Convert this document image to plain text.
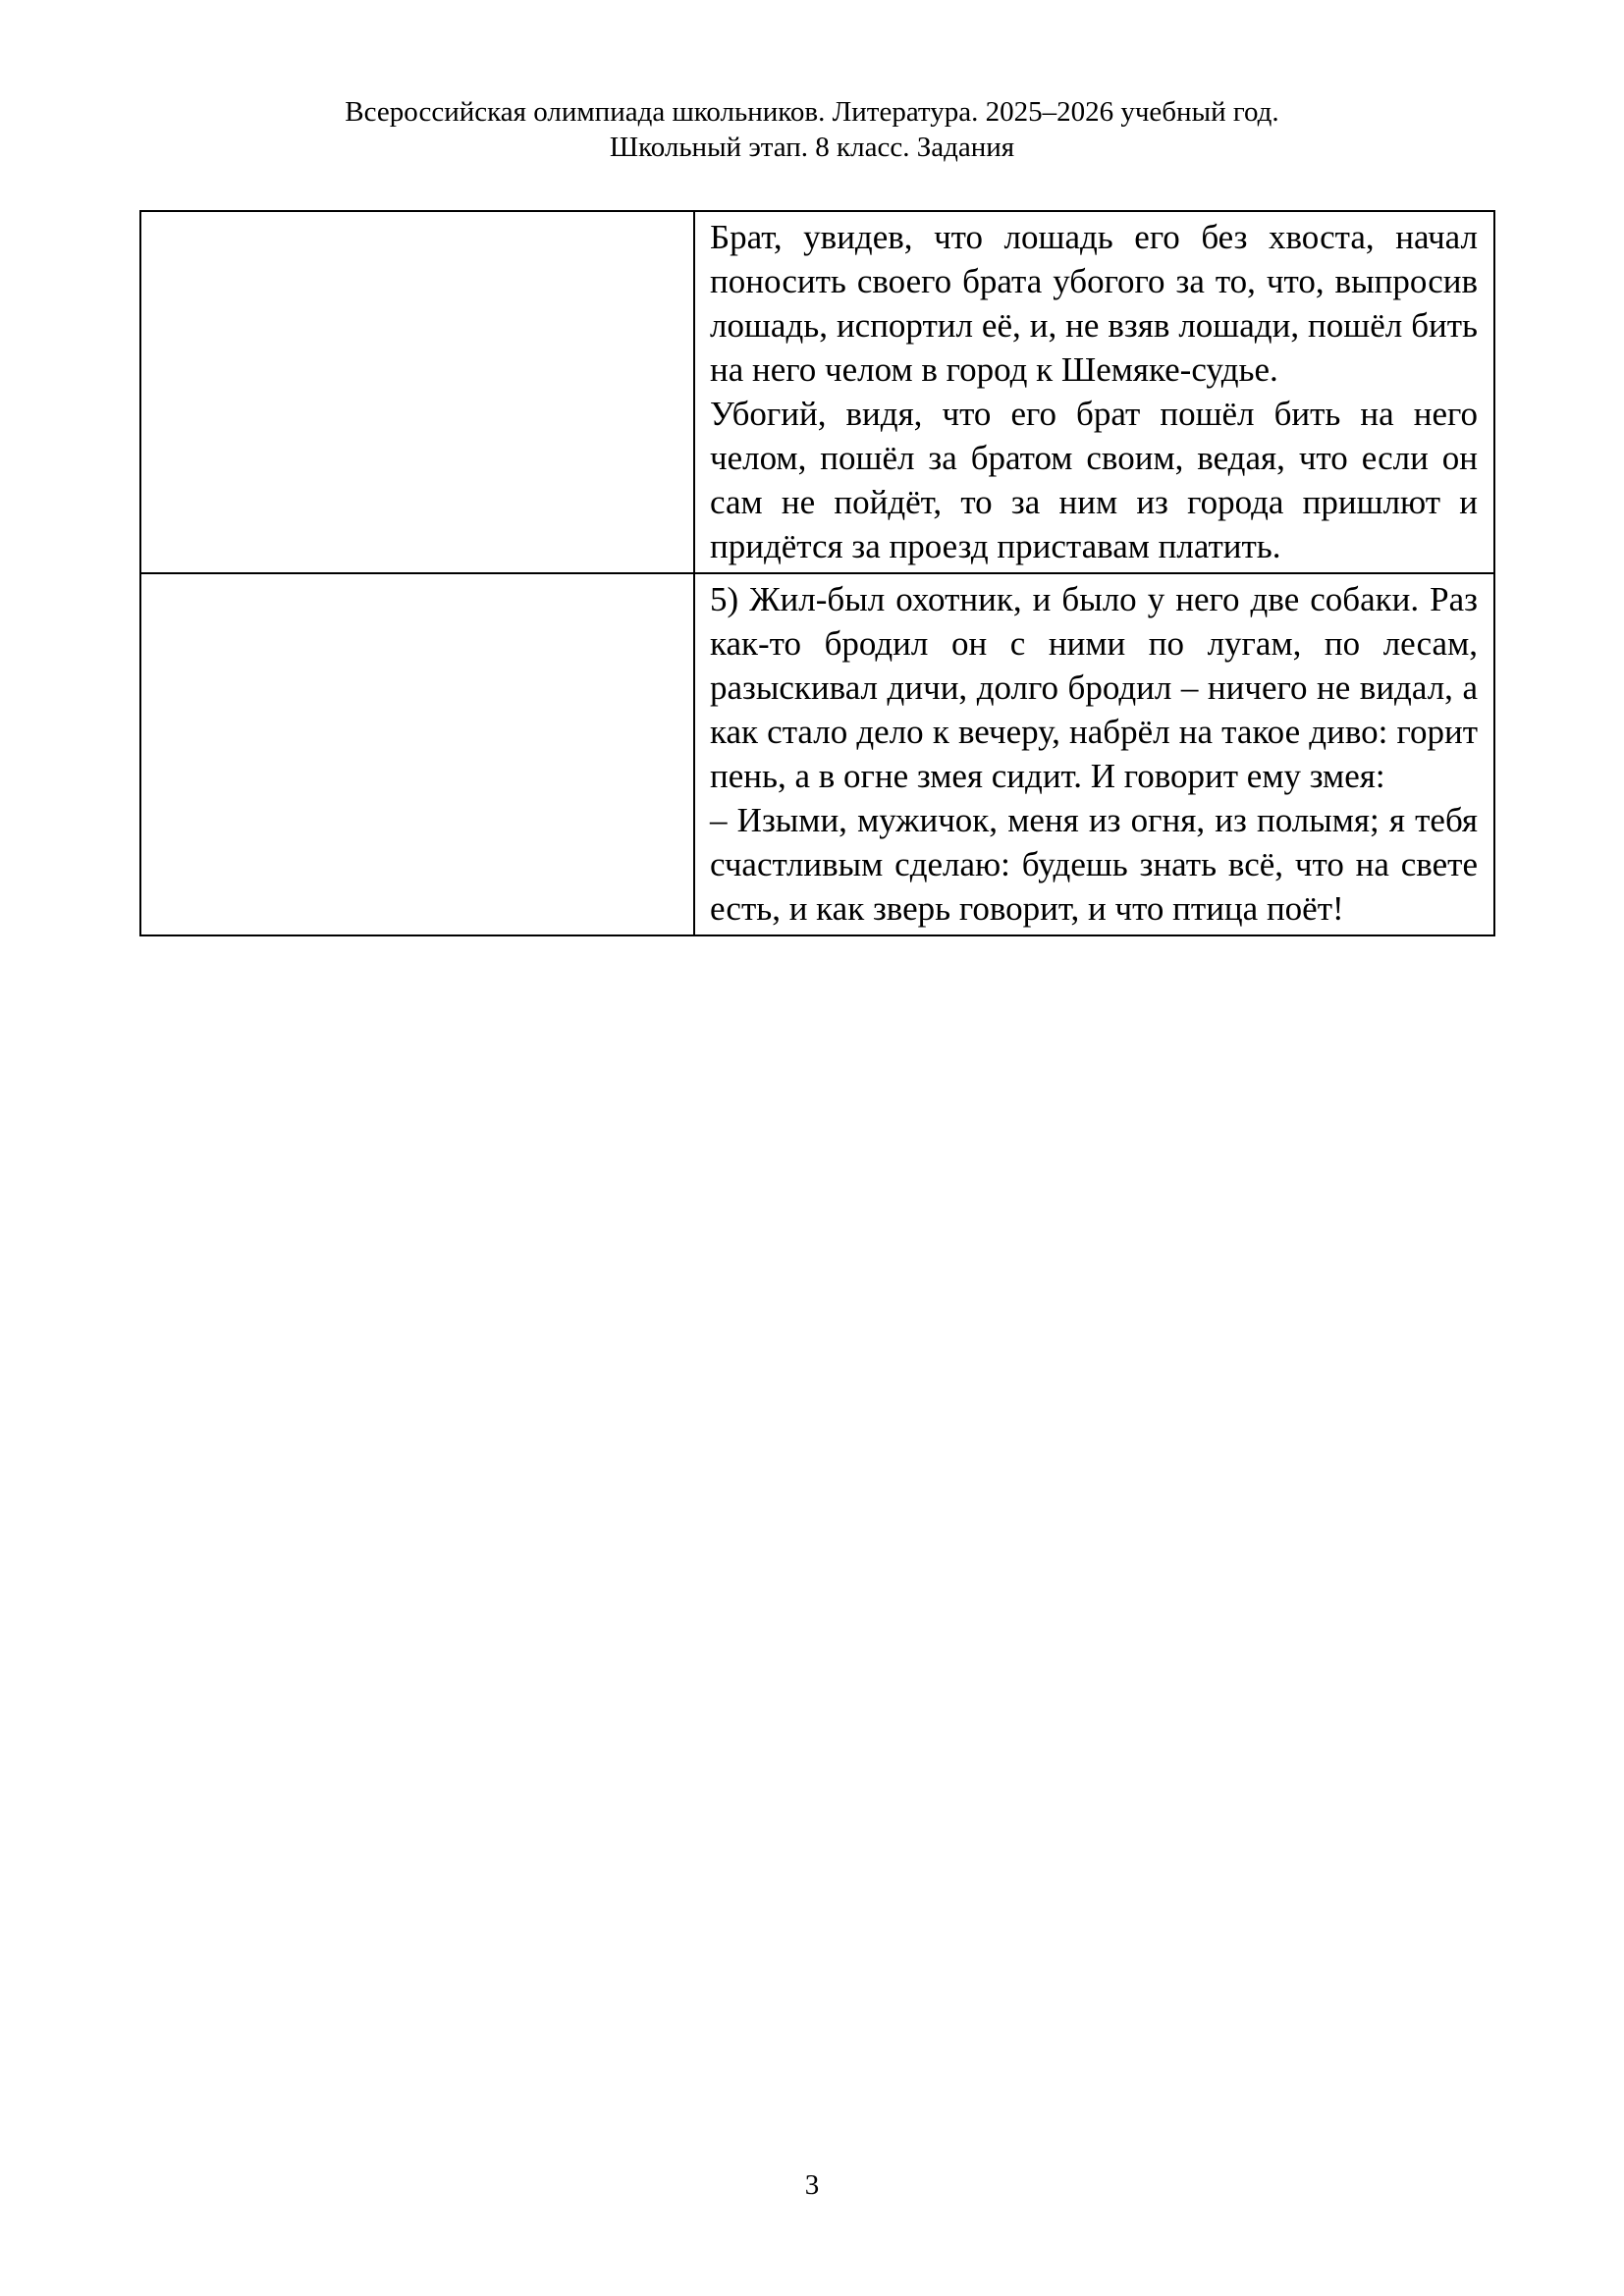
Всероссийская олимпиада школьников. Литература. 2025–2026 учебный год.
Школьный этап. 8 класс. Задания

	Брат, увидев, что лошадь его без хвоста, начал поносить своего брата убогого за то, что, выпросив лошадь, испортил её, и, не взяв лошади, пошёл бить на него челом в город к Шемяке-судье.

Убогий, видя, что его брат пошёл бить на него челом, пошёл за братом своим, ведая, что если он сам не пойдёт, то за ним из города пришлют и придётся за проезд приставам платить.

	5) Жил-был охотник, и было у него две собаки. Раз как-то бродил он с ними по лугам, по лесам, разыскивал дичи, долго бродил – ничего не видал, а как стало дело к вечеру, набрёл на такое диво: горит пень, а в огне змея сидит. И говорит ему змея:

– Изыми, мужичок, меня из огня, из полымя; я тебя счастливым сделаю: будешь знать всё, что на свете есть, и как зверь говорит, и что птица поёт!

3
